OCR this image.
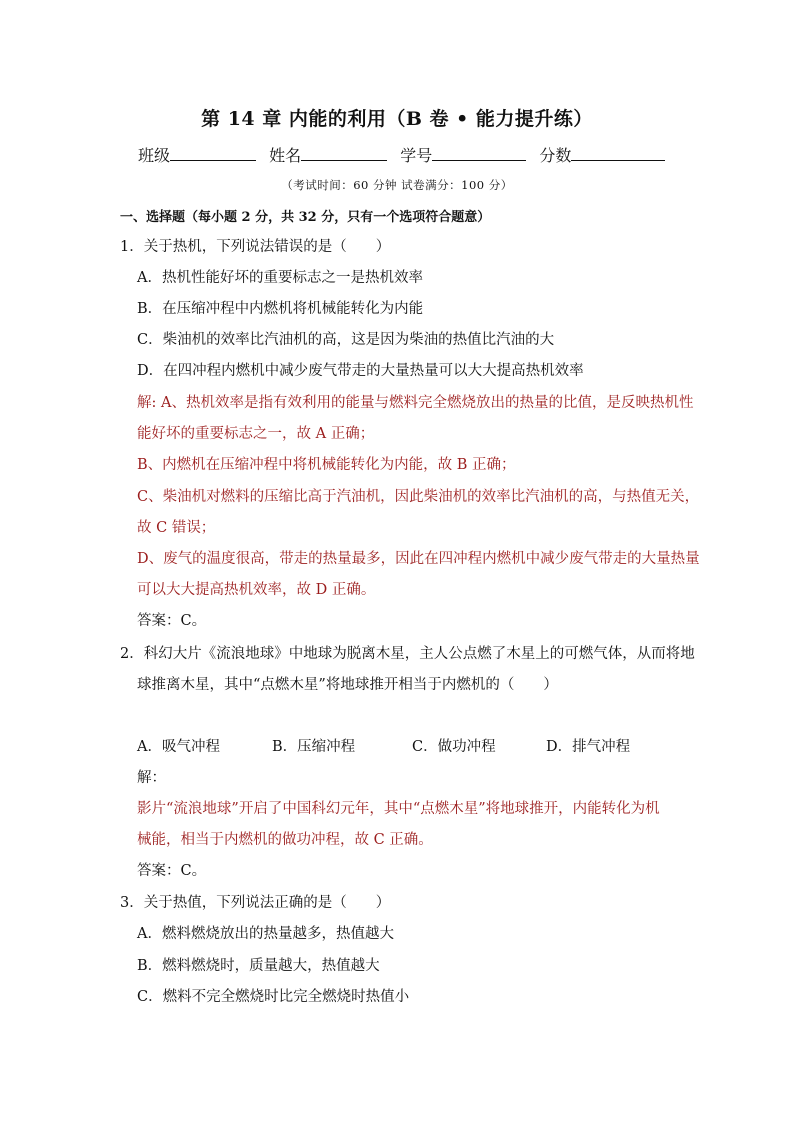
第 14 章 内能的利用（B 卷 • 能力提升练）
班级	姓名	学号	分数
（考试时间：60 分钟 试卷满分：100 分）
一、选择题（每小题 2 分，共 32 分，只有一个选项符合题意）
1．关于热机，下列说法错误的是（　　）
A．热机性能好坏的重要标志之一是热机效率
B．在压缩冲程中内燃机将机械能转化为内能
C．柴油机的效率比汽油机的高，这是因为柴油的热值比汽油的大
D．在四冲程内燃机中减少废气带走的大量热量可以大大提高热机效率
解: A、热机效率是指有效利用的能量与燃料完全燃烧放出的热量的比值，是反映热机性
能好坏的重要标志之一，故 A 正确；
B、内燃机在压缩冲程中将机械能转化为内能，故 B 正确；
C、柴油机对燃料的压缩比高于汽油机，因此柴油机的效率比汽油机的高，与热值无关，
故 C 错误；
D、废气的温度很高，带走的热量最多，因此在四冲程内燃机中减少废气带走的大量热量
可以大大提高热机效率，故 D 正确。
答案：C。
2．科幻大片《流浪地球》中地球为脱离木星，主人公点燃了木星上的可燃气体，从而将地
球推离木星，其中“点燃木星”将地球推开相当于内燃机的（　　）
A．吸气冲程	B．压缩冲程	C．做功冲程	D．排气冲程
解：
影片“流浪地球”开启了中国科幻元年，其中“点燃木星”将地球推开，内能转化为机
械能，相当于内燃机的做功冲程，故 C 正确。
答案：C。
3．关于热值，下列说法正确的是（　　）
A．燃料燃烧放出的热量越多，热值越大
B．燃料燃烧时，质量越大，热值越大
C．燃料不完全燃烧时比完全燃烧时热值小
